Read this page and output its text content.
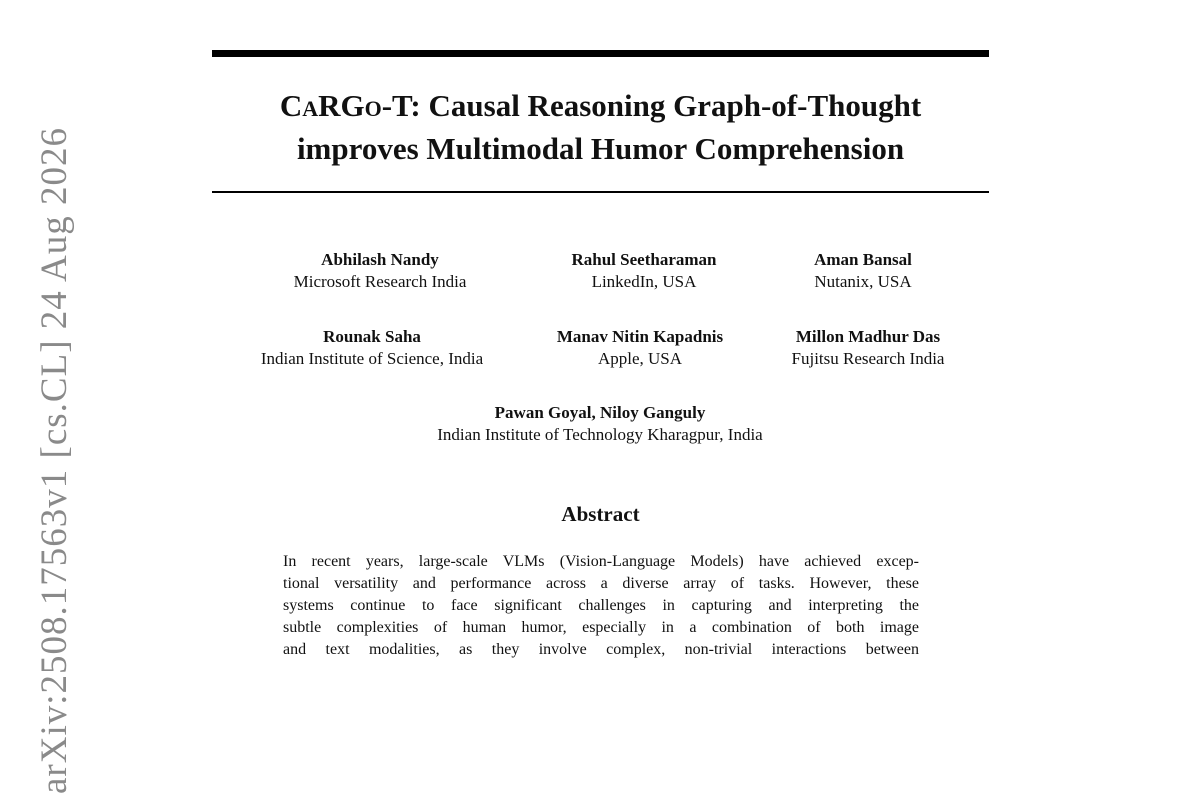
arXiv:2508.17563v1 [cs.CL] 24 Aug 2026
CARGO-T: Causal Reasoning Graph-of-Thought
improves Multimodal Humor Comprehension
Abhilash Nandy
Microsoft Research India
Rahul Seetharaman
LinkedIn, USA
Aman Bansal
Nutanix, USA
Rounak Saha
Indian Institute of Science, India
Manav Nitin Kapadnis
Apple, USA
Millon Madhur Das
Fujitsu Research India
Pawan Goyal, Niloy Ganguly
Indian Institute of Technology Kharagpur, India
Abstract
In recent years, large-scale VLMs (Vision-Language Models) have achieved excep-
tional versatility and performance across a diverse array of tasks. However, these
systems continue to face significant challenges in capturing and interpreting the
subtle complexities of human humor, especially in a combination of both image
and text modalities, as they involve complex, non-trivial interactions between
